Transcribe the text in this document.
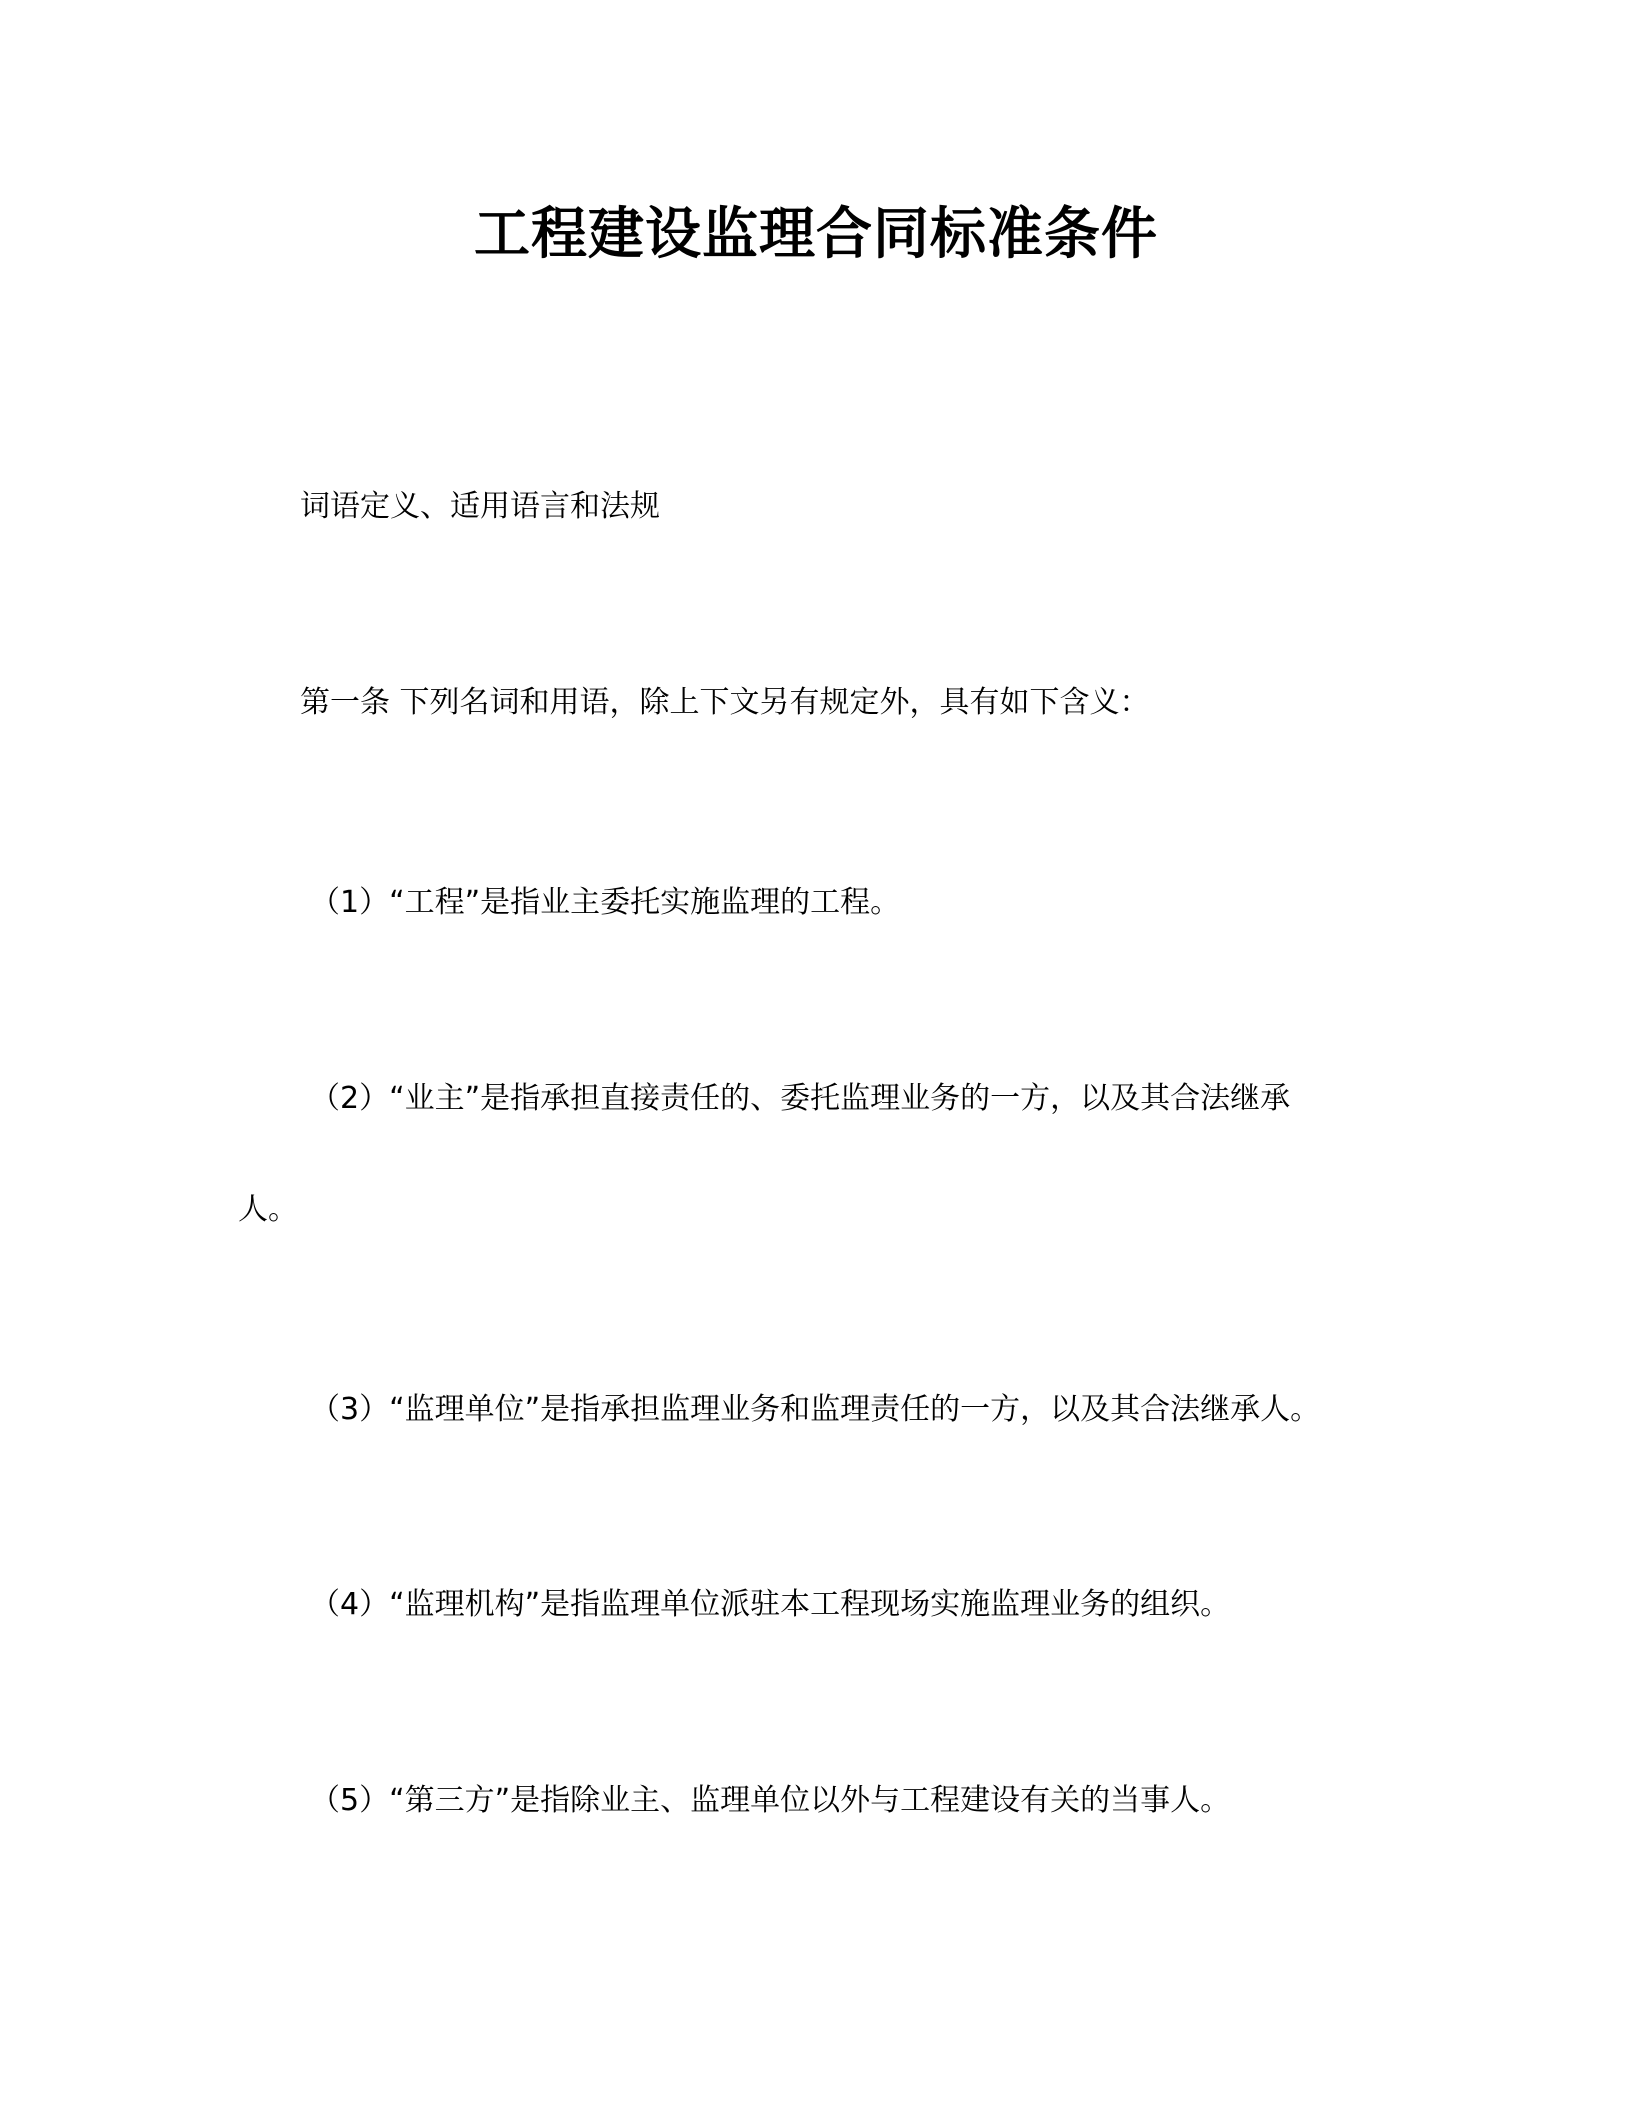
工程建设监理合同标准条件
词语定义、适用语言和法规
第一条 下列名词和用语，除上下文另有规定外，具有如下含义：
（1）“工程”是指业主委托实施监理的工程。
（2）“业主”是指承担直接责任的、委托监理业务的一方，以及其合法继承
人。
（3）“监理单位”是指承担监理业务和监理责任的一方，以及其合法继承人。
（4）“监理机构”是指监理单位派驻本工程现场实施监理业务的组织。
（5）“第三方”是指除业主、监理单位以外与工程建设有关的当事人。
